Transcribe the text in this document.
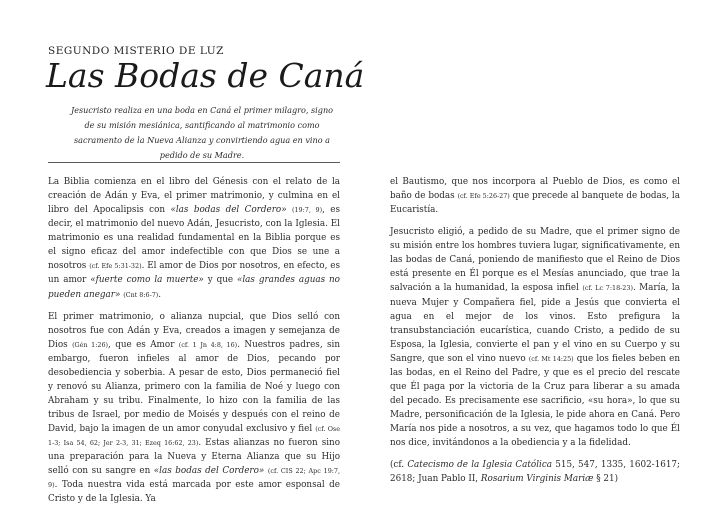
SEGUNDO MISTERIO DE LUZ
Las Bodas de Caná
Jesucristo realiza en una boda en Caná el primer milagro, signo de su misión mesiánica, santificando al matrimonio como sacramento de la Nueva Alianza y convirtiendo agua en vino a pedido de su Madre.

La Biblia comienza en el libro del Génesis con el relato de la creación de Adán y Eva, el primer matrimonio, y culmina en el libro del Apocalipsis con «las bodas del Cordero» (19:7, 9), es decir, el matrimonio del nuevo Adán, Jesucristo, con la Iglesia. El matrimonio es una realidad fundamental en la Biblia porque es el signo eficaz del amor indefectible con que Dios se une a nosotros (cf. Efe 5:31-32). El amor de Dios por nosotros, en efecto, es un amor «fuerte como la muerte» y que «las grandes aguas no pueden anegar» (Cnt 8:6-7).

El primer matrimonio, o alianza nupcial, que Dios selló con nosotros fue con Adán y Eva, creados a imagen y semejanza de Dios (Gén 1:26), que es Amor (cf. 1 Jn 4:8, 16). Nuestros padres, sin embargo, fueron infieles al amor de Dios, pecando por desobediencia y soberbia. A pesar de esto, Dios permaneció fiel y renovó su Alianza, primero con la familia de Noé y luego con Abraham y su tribu. Finalmente, lo hizo con la familia de las tribus de Israel, por medio de Moisés y después con el reino de David, bajo la imagen de un amor conyudal exclusivo y fiel (cf. Ose 1-3; Isa 54, 62; Jer 2-3, 31; Ezeq 16:62, 23). Estas alianzas no fueron sino una preparación para la Nueva y Eterna Alianza que su Hijo selló con su sangre en «las bodas del Cordero» (cf. CIS 22; Apc 19:7, 9). Toda nuestra vida está marcada por este amor esponsal de Cristo y de la Iglesia. Ya

el Bautismo, que nos incorpora al Pueblo de Dios, es como el baño de bodas (cf. Efe 5:26-27) que precede al banquete de bodas, la Eucaristía.

Jesucristo eligió, a pedido de su Madre, que el primer signo de su misión entre los hombres tuviera lugar, significativamente, en las bodas de Caná, poniendo de manifiesto que el Reino de Dios está presente en Él porque es el Mesías anunciado, que trae la salvación a la humanidad, la esposa infiel (cf. Lc 7:18-23). María, la nueva Mujer y Compañera fiel, pide a Jesús que convierta el agua en el mejor de los vinos. Esto prefigura la transubstanciación eucarística, cuando Cristo, a pedido de su Esposa, la Iglesia, convierte el pan y el vino en su Cuerpo y su Sangre, que son el vino nuevo (cf. Mt 14:25) que los fieles beben en las bodas, en el Reino del Padre, y que es el precio del rescate que Él paga por la victoria de la Cruz para liberar a su amada del pecado. Es precisamente ese sacrificio, «su hora», lo que su Madre, personificación de la Iglesia, le pide ahora en Caná. Pero María nos pide a nosotros, a su vez, que hagamos todo lo que Él nos dice, invitándonos a la obediencia y a la fidelidad.

(cf. Catecismo de la Iglesia Católica 515, 547, 1335, 1602-1617; 2618; Juan Pablo II, Rosarium Virginis Mariæ § 21)
